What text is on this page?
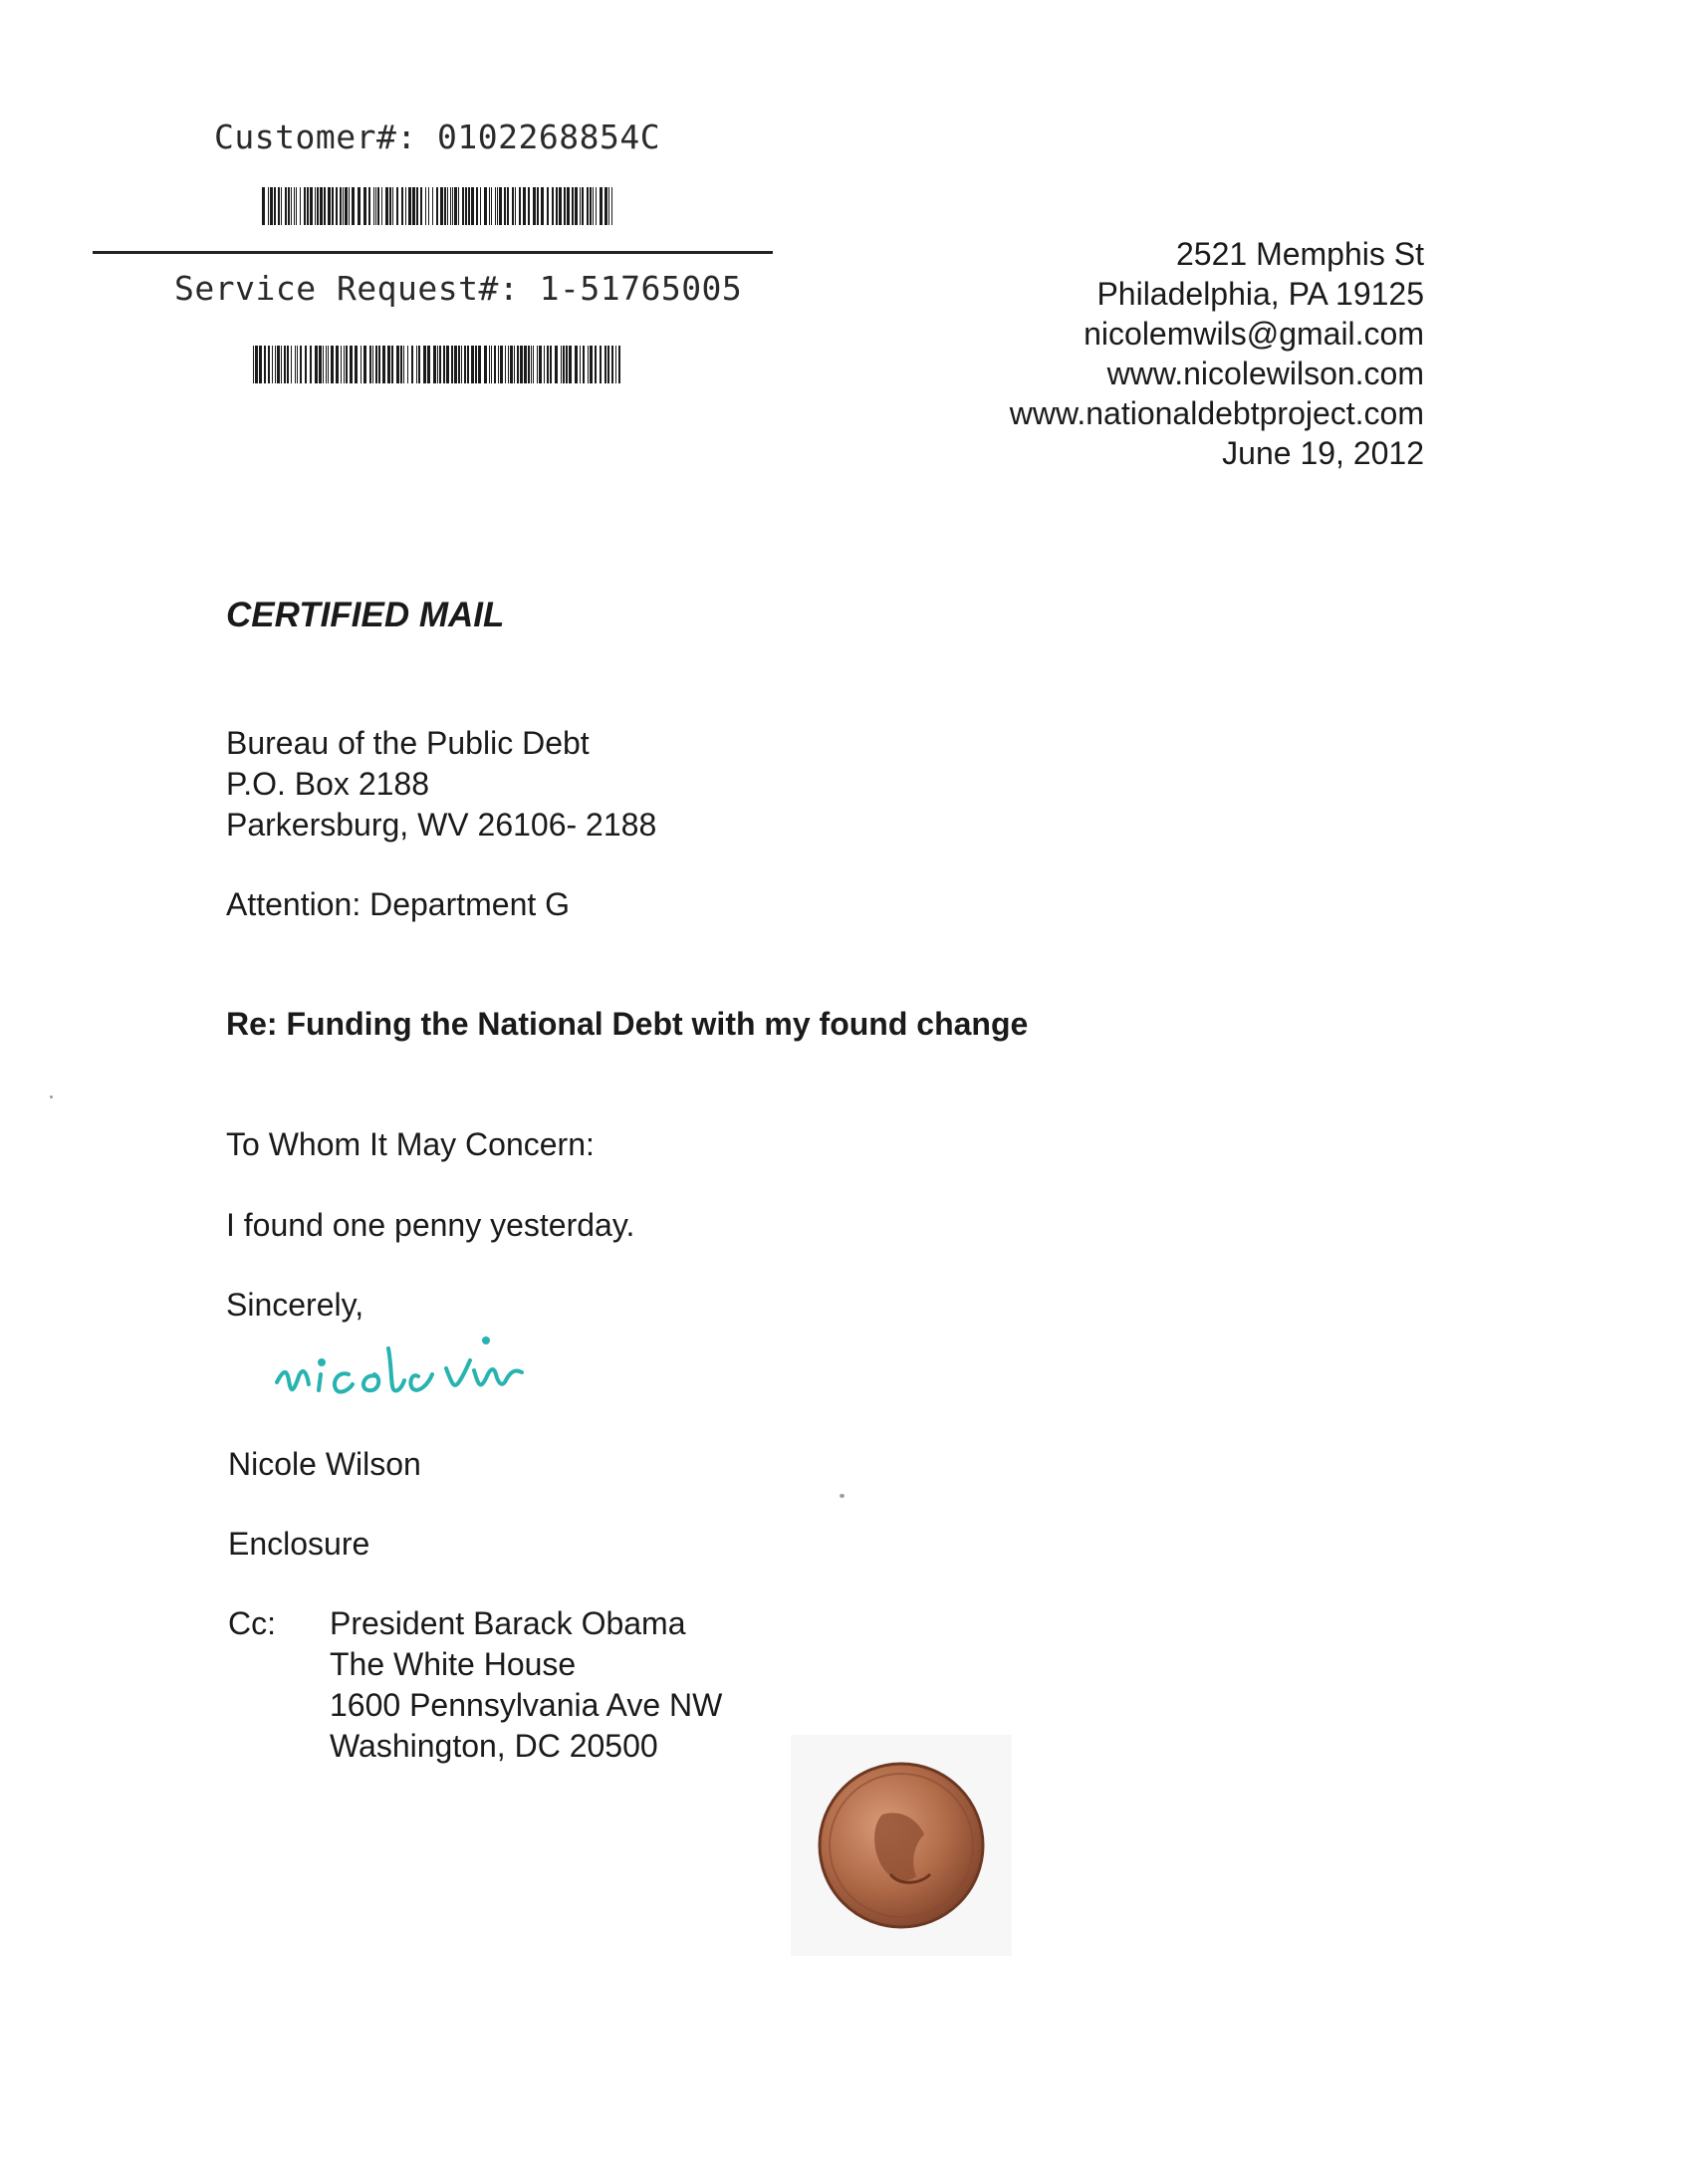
Customer#: 0102268854C
Service Request#: 1-51765005
2521 Memphis St
Philadelphia, PA 19125
nicolemwils@gmail.com
www.nicolewilson.com
www.nationaldebtproject.com
June 19, 2012
CERTIFIED MAIL
Bureau of the Public Debt
P.O. Box 2188
Parkersburg, WV 26106- 2188
Attention: Department G
Re: Funding the National Debt with my found change
To Whom It May Concern:
I found one penny yesterday.
Sincerely,
Nicole Wilson
Enclosure
Cc: President Barack Obama
The White House
1600 Pennsylvania Ave NW
Washington, DC 20500
